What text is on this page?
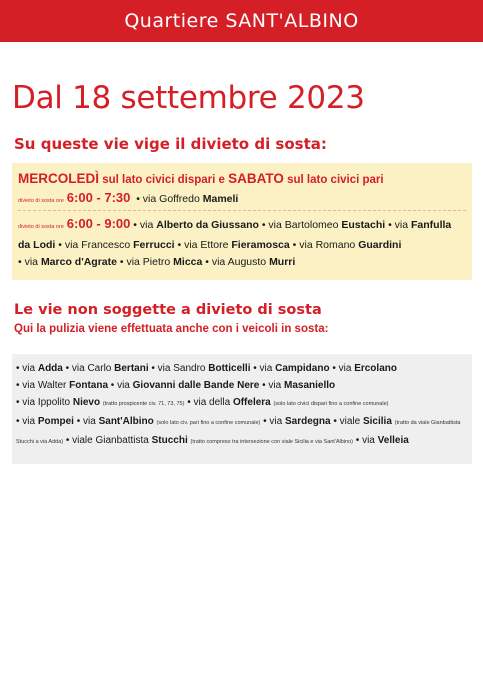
Quartiere SANT'ALBINO
Dal 18 settembre 2023
Su queste vie vige il divieto di sosta:
MERCOLEDÌ sul lato civici dispari e SABATO sul lato civici pari
divieto di sosta ore 6:00 - 7:30 • via Goffredo Mameli
divieto di sosta ore 6:00 - 9:00 • via Alberto da Giussano • via Bartolomeo Eustachi • via Fanfulla da Lodi • via Francesco Ferrucci • via Ettore Fieramosca • via Romano Guardini
• via Marco d'Agrate • via Pietro Micca • via Augusto Murri
Le vie non soggette a divieto di sosta
Qui la pulizia viene effettuata anche con i veicoli in sosta:
• via Adda • via Carlo Bertani • via Sandro Botticelli • via Campidano • via Ercolano
• via Walter Fontana • via Giovanni dalle Bande Nere • via Masaniello
• via Ippolito Nievo (tratto prospicente civ. 71, 73, 75) • via della Offelera (solo lato civici dispari fino a confine comunale)
• via Pompei • via Sant'Albino (solo lato civ. pari fino a confine comunale) • via Sardegna • viale Sicilia (tratto da viale Gianbattista Stucchi a via Adda) • viale Gianbattista Stucchi (tratto compreso tra intersezione con viale Sicilia e via Sant'Albino) • via Velleia
